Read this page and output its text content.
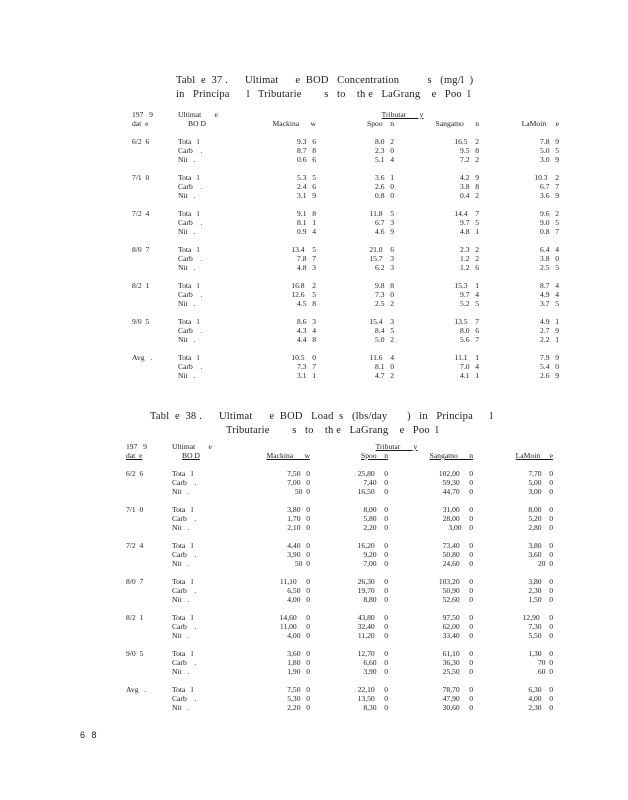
Tabl  e  37 .      Ultimat      e  BOD   Concentration          s   (mg/l  )
in   Principa      l   Tributarie        s   to    th e   LaGrang    e   Poo  l
197   9	Ultimat       e	Tributar       y			
dat  e	BO D	Mackina      w	Spoo    n	Sangamo      n	LaMoin     e

6/2  6	Tota   l	9.3   6	8.0   2	16.5    2	7.8   9
	Carb    .	8.7   8	2.3   0	9.5   8	5.0   5
	Nit   .	0.6   6	5.1   4	7.2   2	3.0   9

7/1  0	Tota   l	5.3   5	3.6   1	4.2   9	10.3    2
	Carb    .	2.4   6	2.6   0	3.8   8	6.7   7
	Nit   .	3.1   9	0.8   0	0.4   2	3.6   9

7/2  4	Tota   l	9.1   8	11.8    5	14.4    7	9.6   2
	Carb    .	8.1   1	6.7   3	9.7   5	9.0   5
	Nit   .	0.9   4	4.6   9	4.8   1	0.8   7

8/0  7	Tota   l	13.4    5	21.0    6	2.3   2	6.4   4
	Carb    .	7.8   7	15.7    3	1.2   2	3.8   0
	Nit   .	4.8   3	6.2   3	1.2   6	2.5   5

8/2  1	Tota   l	16.8    2	9.8   8	15.3    1	8.7   4
	Carb    .	12.6    5	7.3   0	9.7   4	4.9   4
	Nit   .	4.5   8	2.5   2	5.2   5	3.7   5

9/0  5	Tota   l	8.6   3	15.4    3	13.5    7	4.9   1
	Carb    .	4.3   4	8.4   5	8.0   6	2.7   9
	Nit   .	4.4   8	5.0   2	5.6   7	2.2   1

Avg   .	Tota   l	10.5    0	11.6    4	11.1    1	7.9   9
	Carb    .	7.3   7	8.1   0	7.0   4	5.4   0
	Nit   .	3.1   1	4.7   2	4.1   1	2.6   9
Tabl  e  38 .      Ultimat      e  BOD   Load  s   (lbs/day       )   in   Principa      l
Tributarie        s   to    th e   LaGrang    e   Poo  l
197   9	Ultimat       e	Tributar       y			
dat  e	BO D	Mackina      w	Spoo    n	Sangamo      n	LaMoin     e

6/2  6	Tota   l	7,50   0	25,80     0	102,00     0	7,70    0
	Carb    .	7,00   0	7,40    0	59,30     0	5,00    0
	Nit   .	50  0	16,50     0	44,70     0	3,00    0

7/1  0	Tota   l	3,80   0	8,00    0	31,00     0	8,00    0
	Carb    .	1,70   0	5,80    0	28,00     0	5,20    0
	Nit   .	2,10   0	2,20    0	3,00    0	2,80    0

7/2  4	Tota   l	4,40   0	16,20     0	73,40     0	3,80    0
	Carb    .	3,90   0	9,20    0	50,80     0	3,60    0
	Nit   .	50  0	7,00    0	24,60     0	20  0

8/0  7	Tota   l	11,10     0	26,30     0	103,20     0	3,80    0
	Carb    .	6,50   0	19,70     0	50,90     0	2,30    0
	Nit   .	4,00   0	8,80    0	52,60     0	1,50    0

8/2  1	Tota   l	14,60     0	43,80     0	97,50     0	12,90     0
	Carb    .	11,00     0	32,40     0	62,00     0	7,30    0
	Nit   .	4,00   0	11,20     0	33,40     0	5,50    0

9/0  5	Tota   l	3,60   0	12,70     0	61,10     0	1,30    0
	Carb    .	1,80   0	6,60    0	36,30     0	70  0
	Nit   .	1,90   0	3,90    0	25,50     0	60  0

Avg   .	Tota   l	7,50   0	22,10     0	78,70     0	6,30    0
	Carb    .	5,30   0	13,50     0	47,90     0	4,00    0
	Nit   .	2,20   0	8,30    0	30,60     0	2,30    0
6 8
